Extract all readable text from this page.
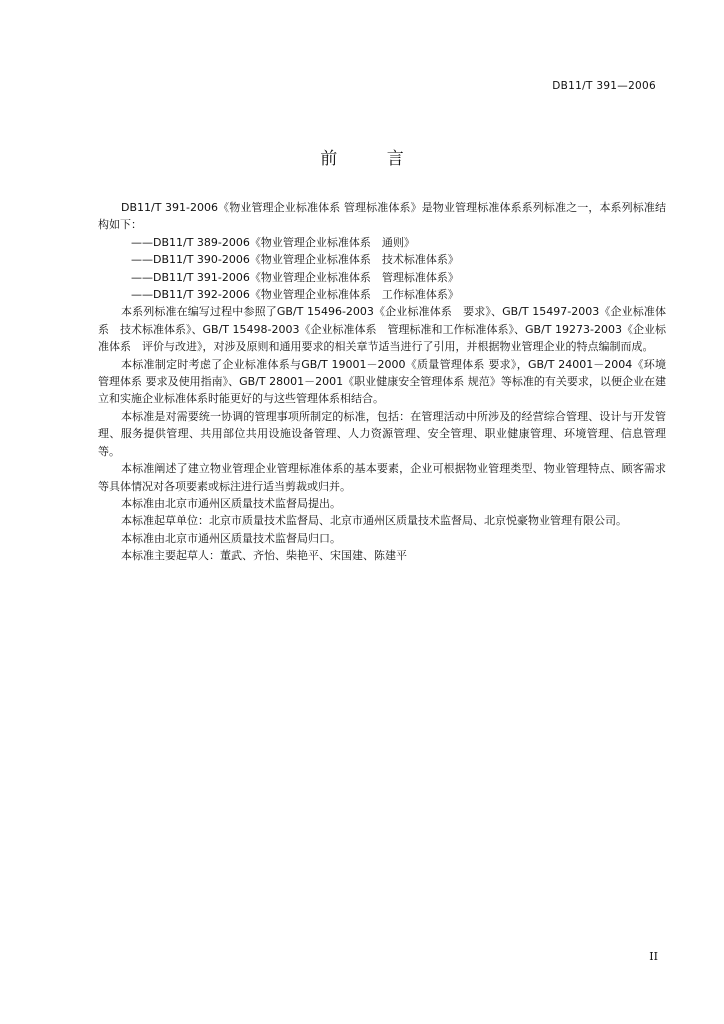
DB11/T 391—2006
前 言

DB11/T 391-2006《物业管理企业标准体系 管理标准体系》是物业管理标准体系系列标准之一，本系列标准结构如下：

——DB11/T 389-2006《物业管理企业标准体系　通则》
——DB11/T 390-2006《物业管理企业标准体系　技术标准体系》
——DB11/T 391-2006《物业管理企业标准体系　管理标准体系》
——DB11/T 392-2006《物业管理企业标准体系　工作标准体系》

本系列标准在编写过程中参照了GB/T 15496-2003《企业标准体系　要求》、GB/T 15497-2003《企业标准体系　技术标准体系》、GB/T 15498-2003《企业标准体系　管理标准和工作标准体系》、GB/T 19273-2003《企业标准体系　评价与改进》，对涉及原则和通用要求的相关章节适当进行了引用，并根据物业管理企业的特点编制而成。

本标准制定时考虑了企业标准体系与GB/T 19001－2000《质量管理体系 要求》，GB/T 24001－2004《环境管理体系 要求及使用指南》、GB/T 28001－2001《职业健康安全管理体系 规范》等标准的有关要求，以便企业在建立和实施企业标准体系时能更好的与这些管理体系相结合。

本标准是对需要统一协调的管理事项所制定的标准，包括：在管理活动中所涉及的经营综合管理、设计与开发管理、服务提供管理、共用部位共用设施设备管理、人力资源管理、安全管理、职业健康管理、环境管理、信息管理等。

本标准阐述了建立物业管理企业管理标准体系的基本要素，企业可根据物业管理类型、物业管理特点、顾客需求等具体情况对各项要素或标注进行适当剪裁或归并。

本标准由北京市通州区质量技术监督局提出。

本标准起草单位：北京市质量技术监督局、北京市通州区质量技术监督局、北京悦豪物业管理有限公司。

本标准由北京市通州区质量技术监督局归口。

本标准主要起草人：董武、齐怡、柴艳平、宋国建、陈建平

II
